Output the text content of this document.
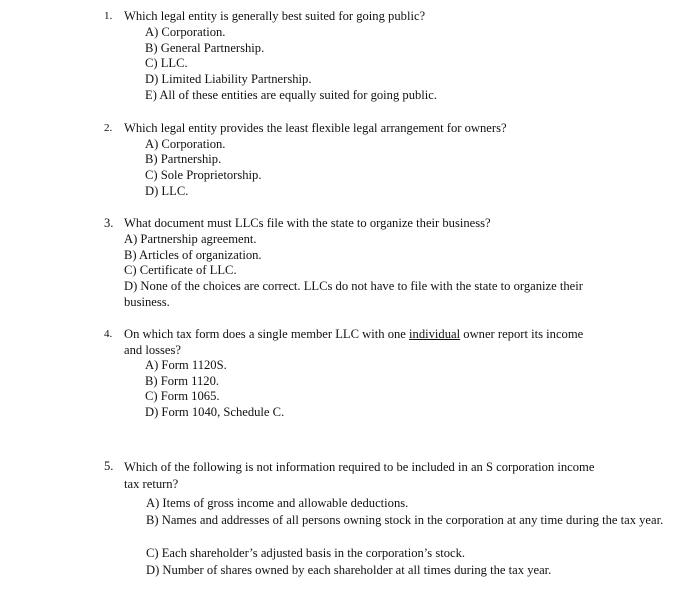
1. Which legal entity is generally best suited for going public?
A) Corporation.
B) General Partnership.
C) LLC.
D) Limited Liability Partnership.
E) All of these entities are equally suited for going public.
2. Which legal entity provides the least flexible legal arrangement for owners?
A) Corporation.
B) Partnership.
C) Sole Proprietorship.
D) LLC.
3. What document must LLCs file with the state to organize their business?
A) Partnership agreement.
B) Articles of organization.
C) Certificate of LLC.
D) None of the choices are correct. LLCs do not have to file with the state to organize their business.
4. On which tax form does a single member LLC with one individual owner report its income and losses?
A) Form 1120S.
B) Form 1120.
C) Form 1065.
D) Form 1040, Schedule C.
5. Which of the following is not information required to be included in an S corporation income tax return?
A) Items of gross income and allowable deductions.
B) Names and addresses of all persons owning stock in the corporation at any time during the tax year.
C) Each shareholder’s adjusted basis in the corporation’s stock.
D) Number of shares owned by each shareholder at all times during the tax year.
